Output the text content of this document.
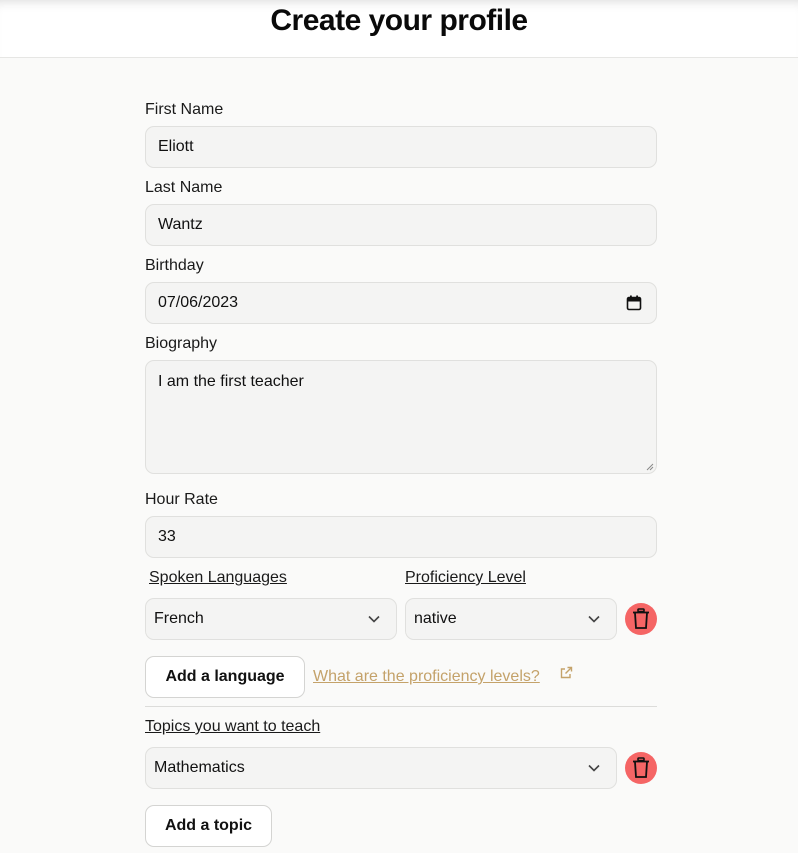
Create your profile
First Name
Eliott
Last Name
Wantz
Birthday
07/06/2023
Biography
I am the first teacher
Hour Rate
33
Spoken Languages	Proficiency Level
French	native
Add a language	What are the proficiency levels?
Topics you want to teach
Mathematics
Add a topic
